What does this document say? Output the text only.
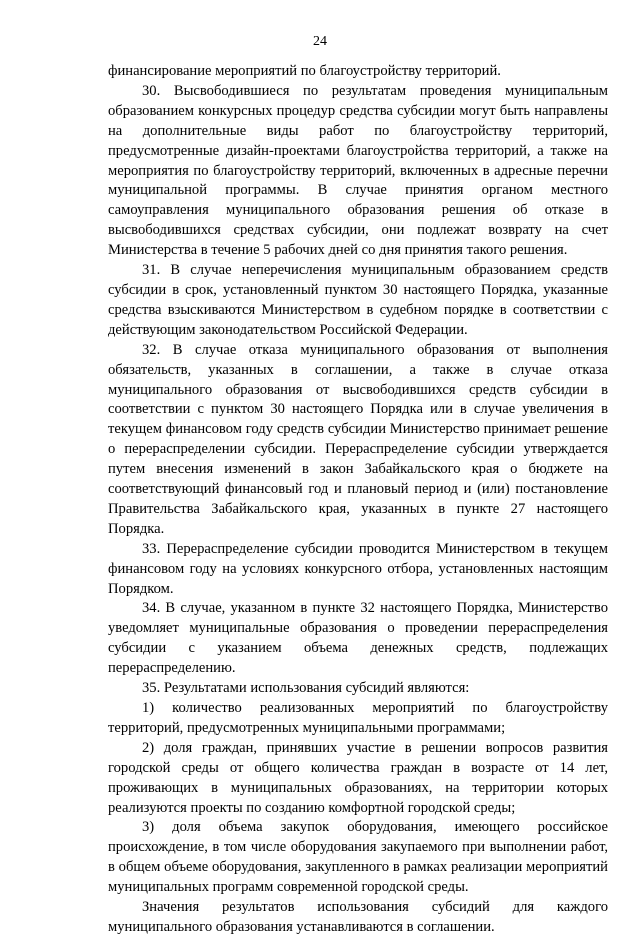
24

финансирование мероприятий по благоустройству территорий.

30. Высвободившиеся по результатам проведения муниципальным образованием конкурсных процедур средства субсидии могут быть направлены на дополнительные виды работ по благоустройству территорий, предусмотренные дизайн-проектами благоустройства территорий, а также на мероприятия по благоустройству территорий, включенных в адресные перечни муниципальной программы. В случае принятия органом местного самоуправления муниципального образования решения об отказе в высвободившихся средствах субсидии, они подлежат возврату на счет Министерства в течение 5 рабочих дней со дня принятия такого решения.

31. В случае неперечисления муниципальным образованием средств субсидии в срок, установленный пунктом 30 настоящего Порядка, указанные средства взыскиваются Министерством в судебном порядке в соответствии с действующим законодательством Российской Федерации.

32. В случае отказа муниципального образования от выполнения обязательств, указанных в соглашении, а также в случае отказа муниципального образования от высвободившихся средств субсидии в соответствии с пунктом 30 настоящего Порядка или в случае увеличения в текущем финансовом году средств субсидии Министерство принимает решение о перераспределении субсидии. Перераспределение субсидии утверждается путем внесения изменений в закон Забайкальского края о бюджете на соответствующий финансовый год и плановый период и (или) постановление Правительства Забайкальского края, указанных в пункте 27 настоящего Порядка.

33. Перераспределение субсидии проводится Министерством в текущем финансовом году на условиях конкурсного отбора, установленных настоящим Порядком.

34. В случае, указанном в пункте 32 настоящего Порядка, Министерство уведомляет муниципальные образования о проведении перераспределения субсидии с указанием объема денежных средств, подлежащих перераспределению.

35. Результатами использования субсидий являются:

1) количество реализованных мероприятий по благоустройству территорий, предусмотренных муниципальными программами;

2) доля граждан, принявших участие в решении вопросов развития городской среды от общего количества граждан в возрасте от 14 лет, проживающих в муниципальных образованиях, на территории которых реализуются проекты по созданию комфортной городской среды;

3) доля объема закупок оборудования, имеющего российское происхождение, в том числе оборудования закупаемого при выполнении работ, в общем объеме оборудования, закупленного в рамках реализации мероприятий муниципальных программ современной городской среды.

Значения результатов использования субсидий для каждого муниципального образования устанавливаются в соглашении.
